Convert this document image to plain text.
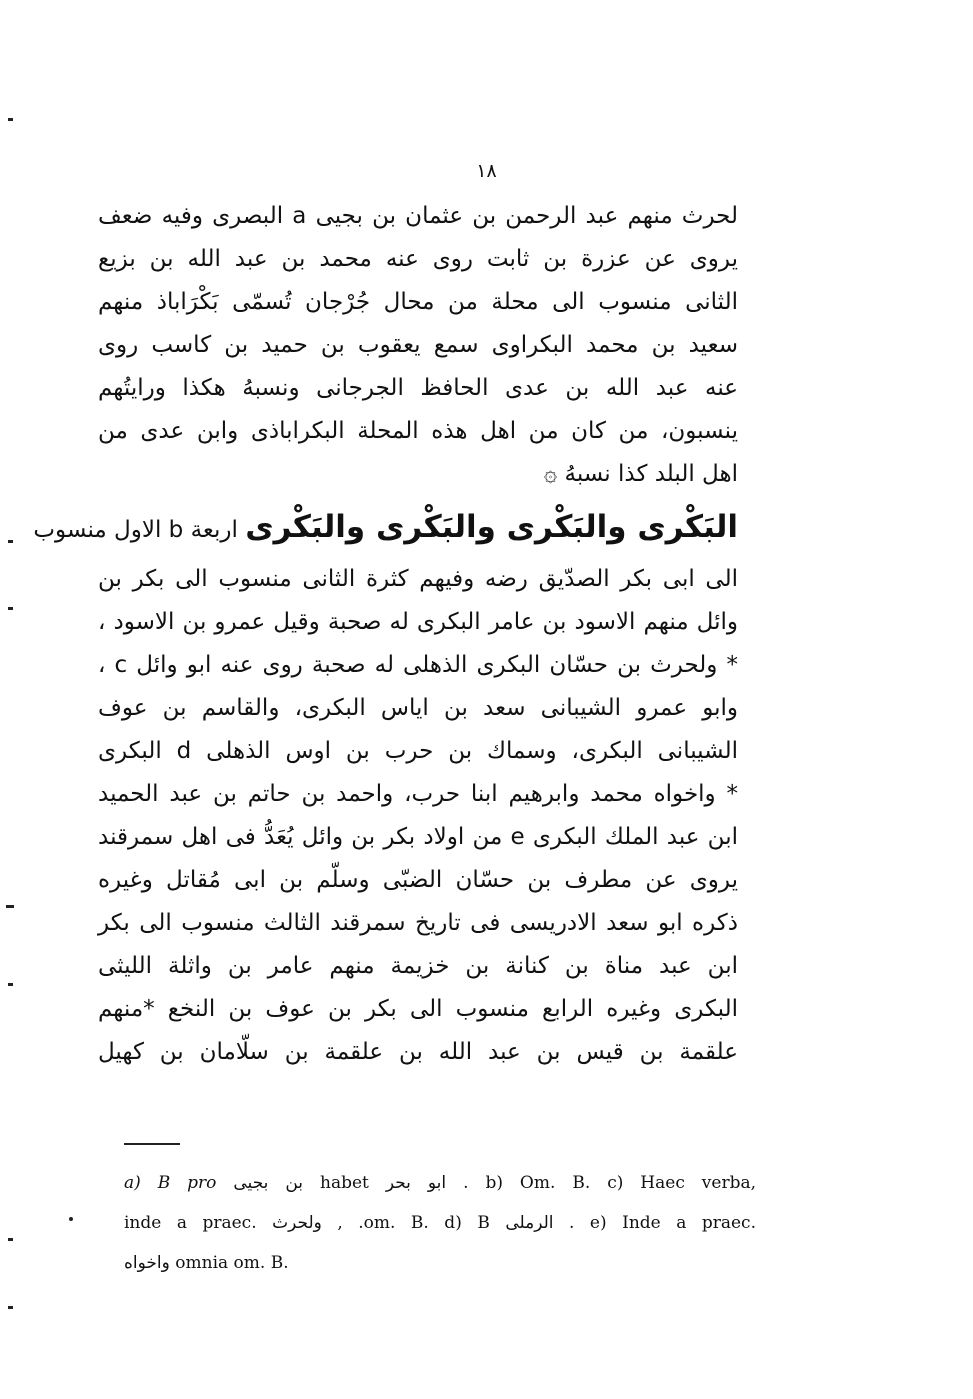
١٨
لحرث منهم عبد الرحمن بن عثمان بن بجيى a البصرى وفيه ضعف
يروى عن عزرة بن ثابت روى عنه محمد بن عبد الله بن بزيع
الثانى منسوب الى محلة من محال جُرْجان تُسمّى بَكْرَاباذ منهم
سعيد بن محمد البكراوى سمع يعقوب بن حميد بن كاسب روى
عنه عبد الله بن عدى الحافظ الجرجانى ونسبهُ هكذا ورايتُهم
ينسبون، من كان من اهل هذه المحلة البكراباذى وابن عدى من
اهل البلد كذا نسبهُ ۞
البَكْرى والبَكْرى والبَكْرى والبَكْرى اربعة b الاول منسوب
الى ابى بكر الصدّيق رضه وفيهم كثرة الثانى منسوب الى بكر بن
وائل منهم الاسود بن عامر البكرى له صحبة وقيل عمرو بن الاسود ،
* ولحرث بن حسّان البكرى الذهلى له صحبة روى عنه ابو وائل c ،
وابو عمرو الشيبانى سعد بن اياس البكرى، والقاسم بن عوف
الشيبانى البكرى، وسماك بن حرب بن اوس الذهلى d البكرى
* واخواه محمد وابرهيم ابنا حرب، واحمد بن حاتم بن عبد الحميد
ابن عبد الملك البكرى e من اولاد بكر بن وائل يُعَدُّ فى اهل سمرقند
يروى عن مطرف بن حسّان الضبّى وسلّم بن ابى مُقاتل وغيره
ذكره ابو سعد الادريسى فى تاريخ سمرقند الثالث منسوب الى بكر
ابن عبد مناة بن كنانة بن خزيمة منهم عامر بن واثلة الليثى
البكرى وغيره الرابع منسوب الى بكر بن عوف بن النخع *منهم
علقمة بن قيس بن عبد الله بن علقمة بن سلّامان بن كهيل
a) B pro بن بجيى habet ابو بحر . b) Om. B. c) Haec verba,
inde a praec. ولحرث , .om. B. d) B الرملى . e) Inde a praec.
واخواه omnia om. B.
